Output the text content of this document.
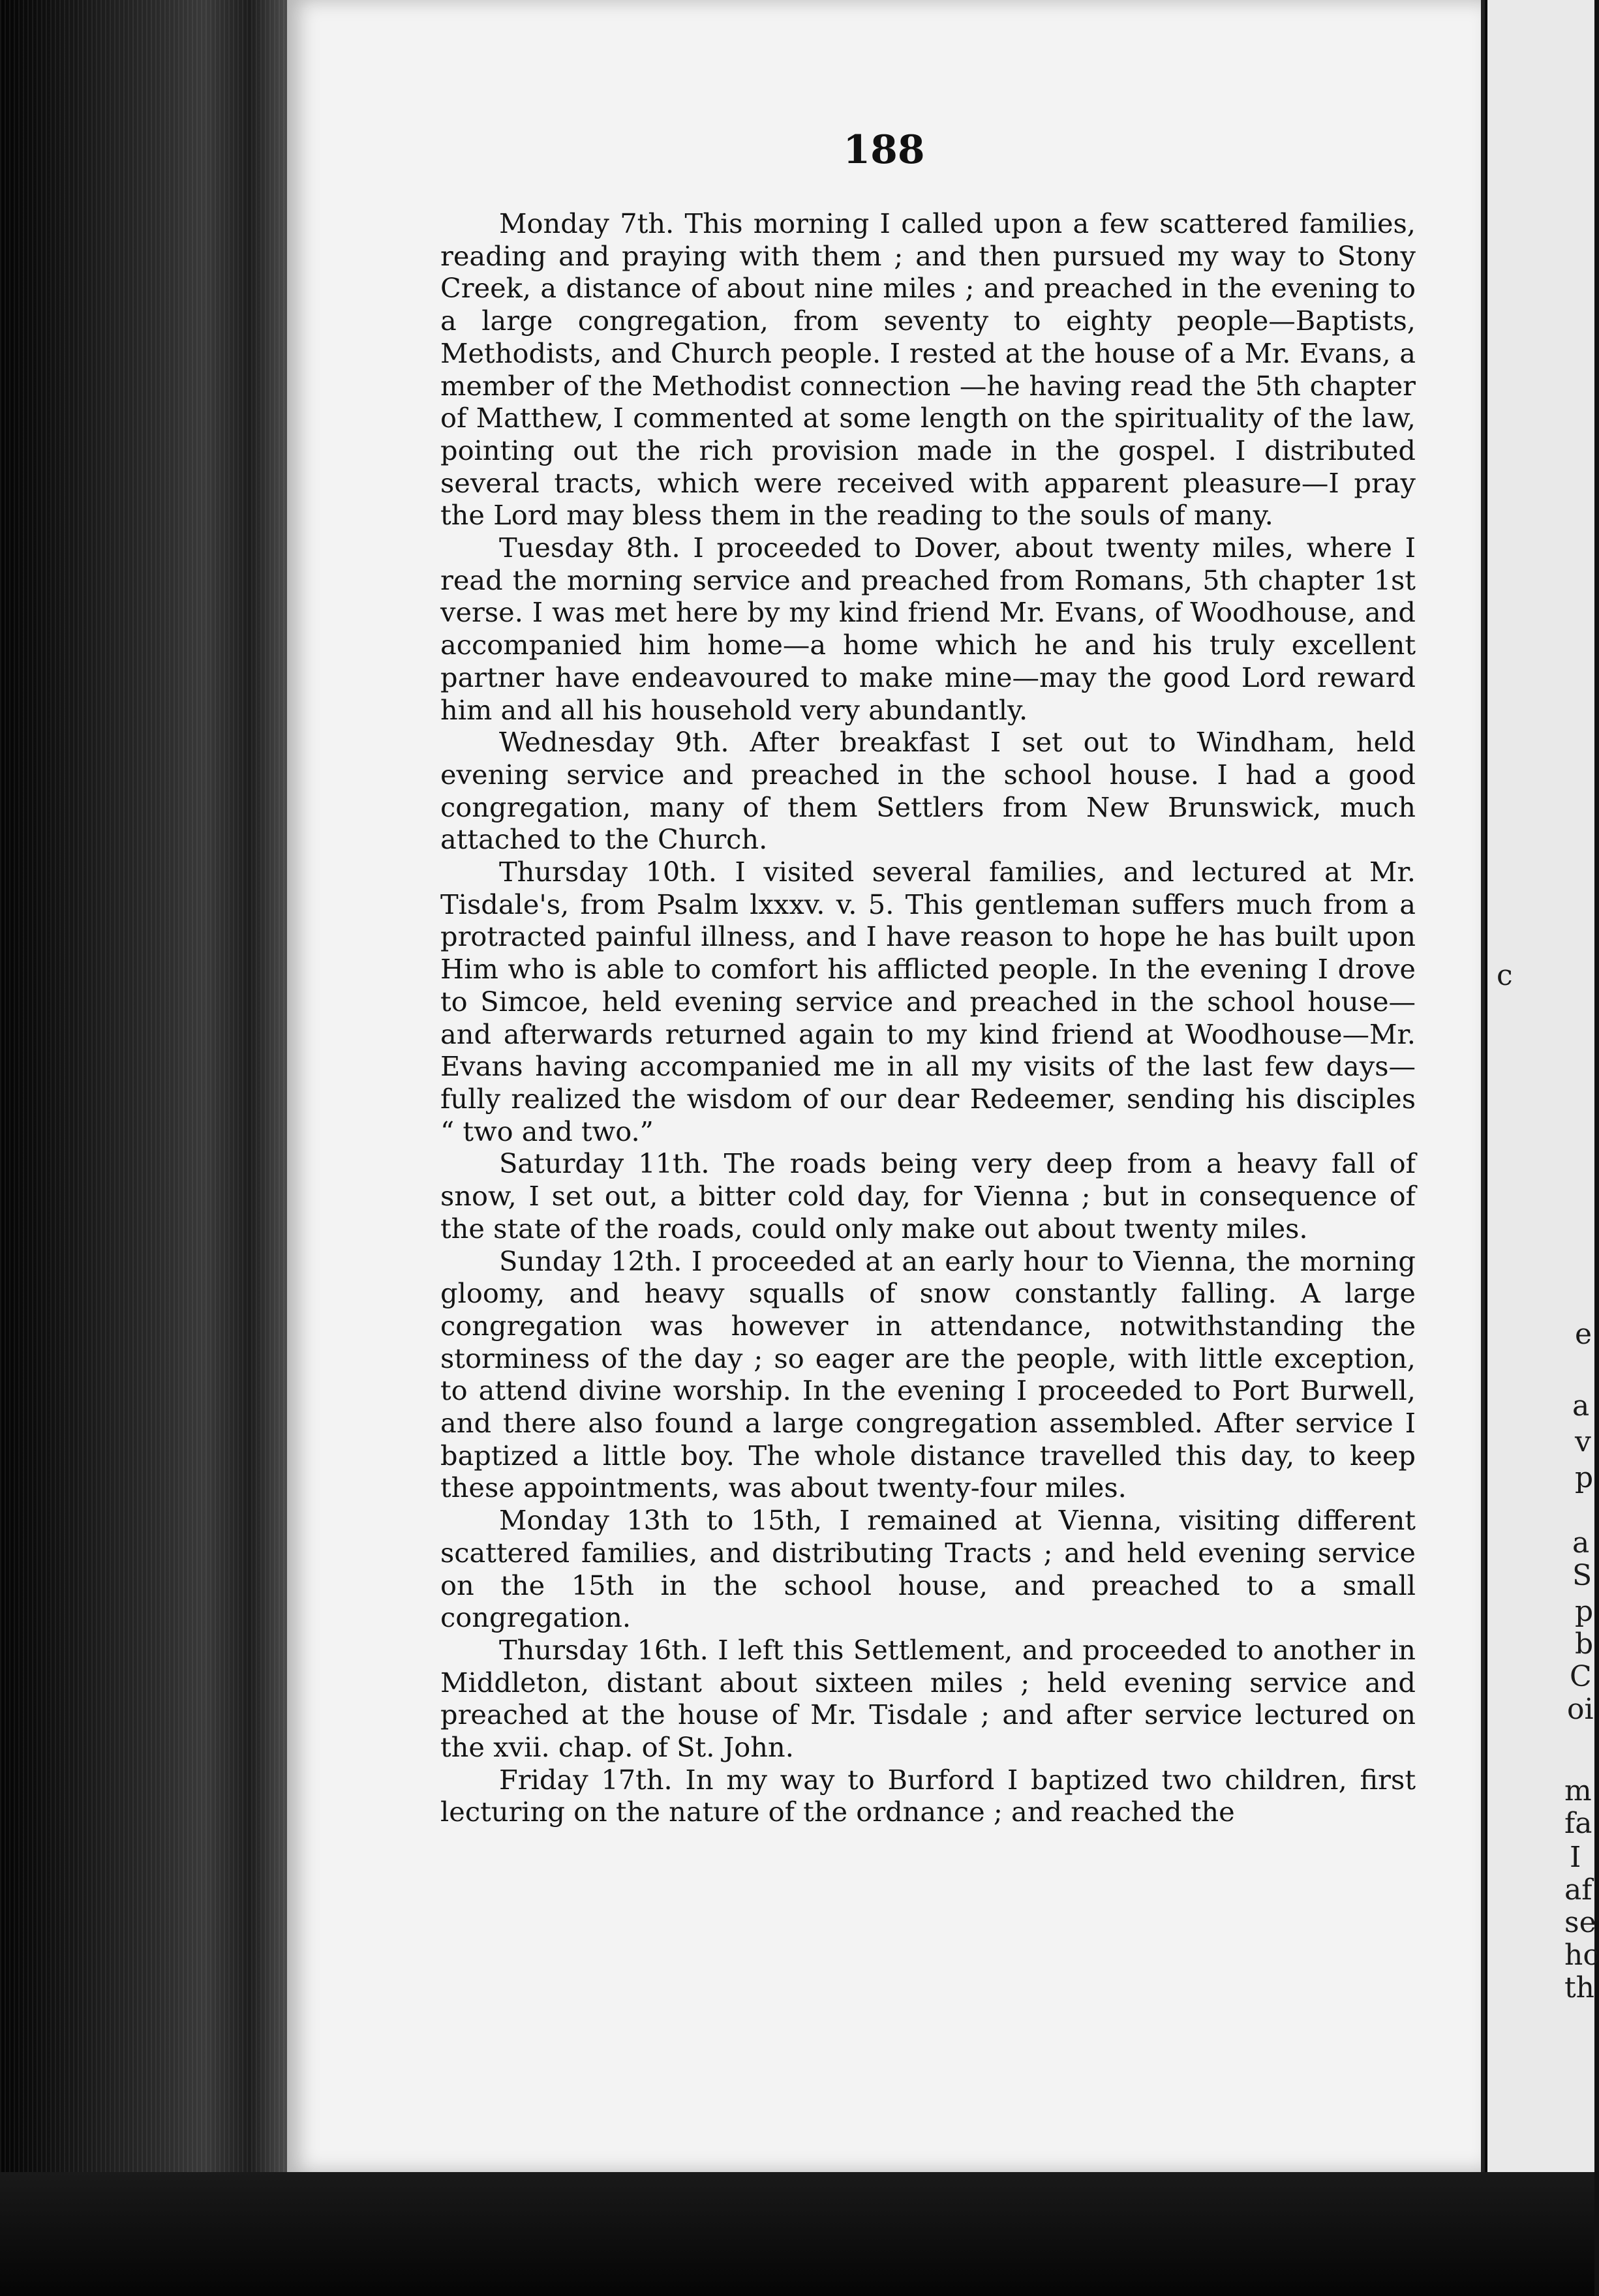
188

Monday 7th. This morning I called upon a few scattered families, reading and praying with them ; and then pursued my way to Stony Creek, a distance of about nine miles ; and preached in the evening to a large congregation, from seventy to eighty people—Baptists, Methodists, and Church people. I rested at the house of a Mr. Evans, a member of the Methodist connection —he having read the 5th chapter of Matthew, I commented at some length on the spirituality of the law, pointing out the rich provision made in the gospel. I distributed several tracts, which were received with apparent pleasure—I pray the Lord may bless them in the reading to the souls of many.

Tuesday 8th. I proceeded to Dover, about twenty miles, where I read the morning service and preached from Romans, 5th chapter 1st verse. I was met here by my kind friend Mr. Evans, of Woodhouse, and accompanied him home—a home which he and his truly excellent partner have endeavoured to make mine—may the good Lord reward him and all his household very abundantly.

Wednesday 9th. After breakfast I set out to Windham, held evening service and preached in the school house. I had a good congregation, many of them Settlers from New Brunswick, much attached to the Church.

Thursday 10th. I visited several families, and lectured at Mr. Tisdale's, from Psalm lxxxv. v. 5. This gentleman suffers much from a protracted painful illness, and I have reason to hope he has built upon Him who is able to comfort his afflicted people. In the evening I drove to Simcoe, held evening service and preached in the school house—and afterwards returned again to my kind friend at Woodhouse—Mr. Evans having accompanied me in all my visits of the last few days—fully realized the wisdom of our dear Redeemer, sending his disciples “ two and two.”

Saturday 11th. The roads being very deep from a heavy fall of snow, I set out, a bitter cold day, for Vienna ; but in consequence of the state of the roads, could only make out about twenty miles.

Sunday 12th. I proceeded at an early hour to Vienna, the morning gloomy, and heavy squalls of snow constantly falling. A large congregation was however in attendance, notwithstanding the storminess of the day ; so eager are the people, with little exception, to attend divine worship. In the evening I proceeded to Port Burwell, and there also found a large congregation assembled. After service I baptized a little boy. The whole distance travelled this day, to keep these appointments, was about twenty-four miles.

Monday 13th to 15th, I remained at Vienna, visiting different scattered families, and distributing Tracts ; and held evening service on the 15th in the school house, and preached to a small congregation.

Thursday 16th. I left this Settlement, and proceeded to another in Middleton, distant about sixteen miles ; held evening service and preached at the house of Mr. Tisdale ; and after service lectured on the xvii. chap. of St. John.

Friday 17th. In my way to Burford I baptized two children, first lecturing on the nature of the ordnance ; and reached the

c
e
a
v
p
a
S
p
b
C
oi
m
fa
I
af
se
hc
th
